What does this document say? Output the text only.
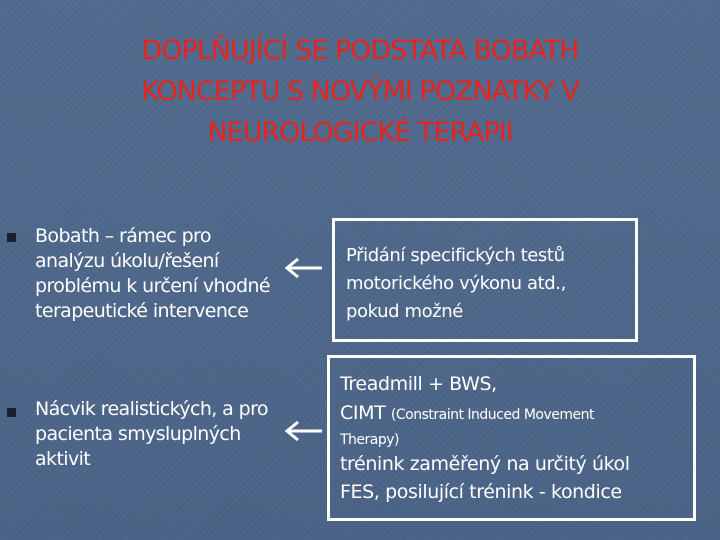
DOPLŇUJÍCÍ SE PODSTATA BOBATH
KONCEPTU S NOVÝMI POZNATKY V
NEUROLOGICKÉ TERAPII
Bobath – rámec pro
analýzu úkolu/řešení
problému k určení vhodné
terapeutické intervence
Nácvik realistických, a pro
pacienta smysluplných
aktivit
Přidání specifických testů
motorického výkonu atd.,
pokud možné
Treadmill + BWS,
CIMT (Constraint Induced Movement
Therapy)
trénink zaměřený na určitý úkol
FES, posilující trénink - kondice
